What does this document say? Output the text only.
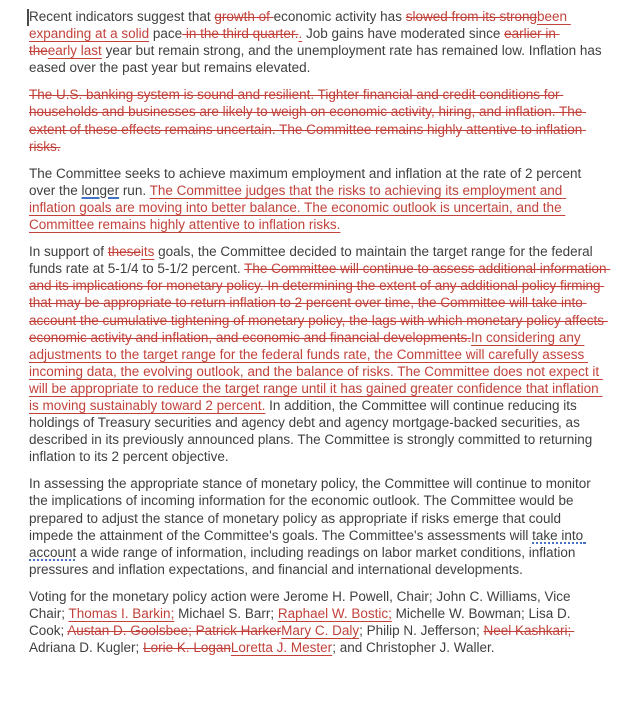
Recent indicators suggest that growth of economic activity has slowed from its strongbeen expanding at a solid pace in the third quarter.. Job gains have moderated since earlier in theearly last year but remain strong, and the unemployment rate has remained low. Inflation has eased over the past year but remains elevated.

The U.S. banking system is sound and resilient. Tighter financial and credit conditions for households and businesses are likely to weigh on economic activity, hiring, and inflation. The extent of these effects remains uncertain. The Committee remains highly attentive to inflation risks.

The Committee seeks to achieve maximum employment and inflation at the rate of 2 percent over the longer run. The Committee judges that the risks to achieving its employment and inflation goals are moving into better balance. The economic outlook is uncertain, and the Committee remains highly attentive to inflation risks.

In support of theseits goals, the Committee decided to maintain the target range for the federal funds rate at 5-1/4 to 5-1/2 percent. The Committee will continue to assess additional information and its implications for monetary policy. In determining the extent of any additional policy firming that may be appropriate to return inflation to 2 percent over time, the Committee will take into account the cumulative tightening of monetary policy, the lags with which monetary policy affects economic activity and inflation, and economic and financial developments.In considering any adjustments to the target range for the federal funds rate, the Committee will carefully assess incoming data, the evolving outlook, and the balance of risks. The Committee does not expect it will be appropriate to reduce the target range until it has gained greater confidence that inflation is moving sustainably toward 2 percent. In addition, the Committee will continue reducing its holdings of Treasury securities and agency debt and agency mortgage-backed securities, as described in its previously announced plans. The Committee is strongly committed to returning inflation to its 2 percent objective.

In assessing the appropriate stance of monetary policy, the Committee will continue to monitor the implications of incoming information for the economic outlook. The Committee would be prepared to adjust the stance of monetary policy as appropriate if risks emerge that could impede the attainment of the Committee's goals. The Committee's assessments will take into account a wide range of information, including readings on labor market conditions, inflation pressures and inflation expectations, and financial and international developments.

Voting for the monetary policy action were Jerome H. Powell, Chair; John C. Williams, Vice Chair; Thomas I. Barkin; Michael S. Barr; Raphael W. Bostic; Michelle W. Bowman; Lisa D. Cook; Austan D. Goolsbee; Patrick HarkerMary C. Daly; Philip N. Jefferson; Neel Kashkari; Adriana D. Kugler; Lorie K. LoganLoretta J. Mester; and Christopher J. Waller.
